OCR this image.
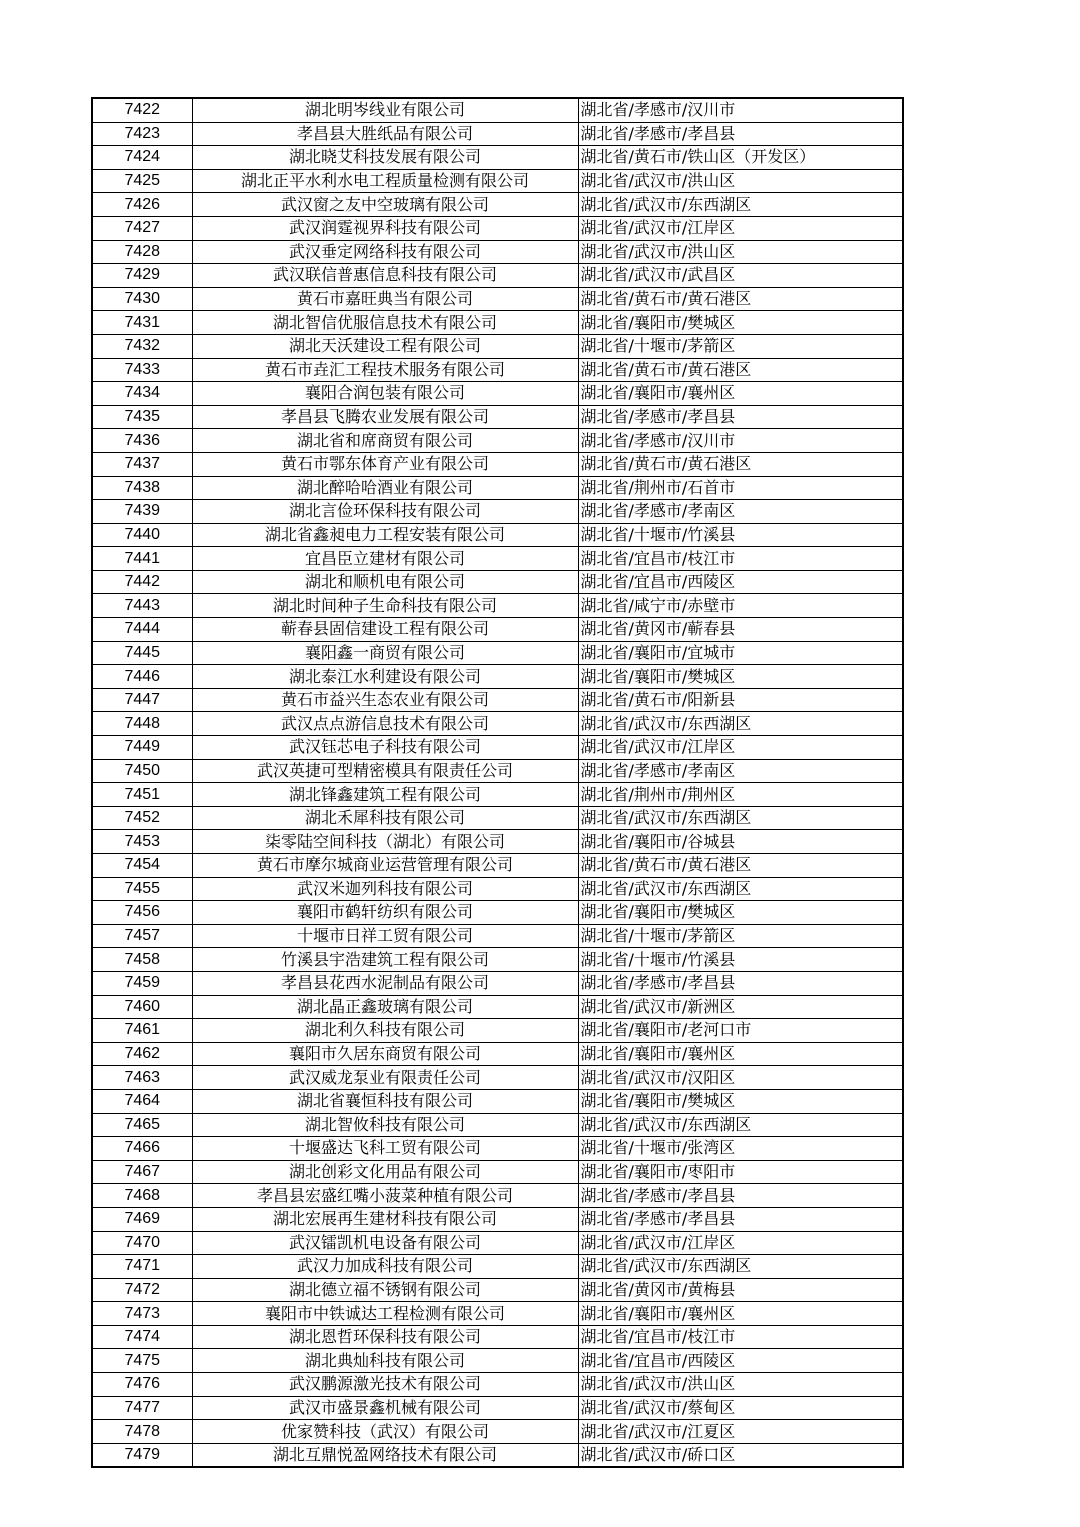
7422	湖北明岑线业有限公司	湖北省/孝感市/汉川市
7423	孝昌县大胜纸品有限公司	湖北省/孝感市/孝昌县
7424	湖北晓艾科技发展有限公司	湖北省/黄石市/铁山区（开发区）
7425	湖北正平水利水电工程质量检测有限公司	湖北省/武汉市/洪山区
7426	武汉窗之友中空玻璃有限公司	湖北省/武汉市/东西湖区
7427	武汉润霆视界科技有限公司	湖北省/武汉市/江岸区
7428	武汉垂定网络科技有限公司	湖北省/武汉市/洪山区
7429	武汉联信普惠信息科技有限公司	湖北省/武汉市/武昌区
7430	黄石市嘉旺典当有限公司	湖北省/黄石市/黄石港区
7431	湖北智信优服信息技术有限公司	湖北省/襄阳市/樊城区
7432	湖北天沃建设工程有限公司	湖北省/十堰市/茅箭区
7433	黄石市垚汇工程技术服务有限公司	湖北省/黄石市/黄石港区
7434	襄阳合润包装有限公司	湖北省/襄阳市/襄州区
7435	孝昌县飞腾农业发展有限公司	湖北省/孝感市/孝昌县
7436	湖北省和席商贸有限公司	湖北省/孝感市/汉川市
7437	黄石市鄂东体育产业有限公司	湖北省/黄石市/黄石港区
7438	湖北醉哈哈酒业有限公司	湖北省/荆州市/石首市
7439	湖北言俭环保科技有限公司	湖北省/孝感市/孝南区
7440	湖北省鑫昶电力工程安装有限公司	湖北省/十堰市/竹溪县
7441	宜昌臣立建材有限公司	湖北省/宜昌市/枝江市
7442	湖北和顺机电有限公司	湖北省/宜昌市/西陵区
7443	湖北时间种子生命科技有限公司	湖北省/咸宁市/赤壁市
7444	蕲春县固信建设工程有限公司	湖北省/黄冈市/蕲春县
7445	襄阳鑫一商贸有限公司	湖北省/襄阳市/宜城市
7446	湖北泰江水利建设有限公司	湖北省/襄阳市/樊城区
7447	黄石市益兴生态农业有限公司	湖北省/黄石市/阳新县
7448	武汉点点游信息技术有限公司	湖北省/武汉市/东西湖区
7449	武汉钰芯电子科技有限公司	湖北省/武汉市/江岸区
7450	武汉英捷可型精密模具有限责任公司	湖北省/孝感市/孝南区
7451	湖北锋鑫建筑工程有限公司	湖北省/荆州市/荆州区
7452	湖北禾犀科技有限公司	湖北省/武汉市/东西湖区
7453	柒零陆空间科技（湖北）有限公司	湖北省/襄阳市/谷城县
7454	黄石市摩尔城商业运营管理有限公司	湖北省/黄石市/黄石港区
7455	武汉米迦列科技有限公司	湖北省/武汉市/东西湖区
7456	襄阳市鹤轩纺织有限公司	湖北省/襄阳市/樊城区
7457	十堰市日祥工贸有限公司	湖北省/十堰市/茅箭区
7458	竹溪县宇浩建筑工程有限公司	湖北省/十堰市/竹溪县
7459	孝昌县花西水泥制品有限公司	湖北省/孝感市/孝昌县
7460	湖北晶正鑫玻璃有限公司	湖北省/武汉市/新洲区
7461	湖北利久科技有限公司	湖北省/襄阳市/老河口市
7462	襄阳市久居东商贸有限公司	湖北省/襄阳市/襄州区
7463	武汉威龙泵业有限责任公司	湖北省/武汉市/汉阳区
7464	湖北省襄恒科技有限公司	湖北省/襄阳市/樊城区
7465	湖北智攸科技有限公司	湖北省/武汉市/东西湖区
7466	十堰盛达飞科工贸有限公司	湖北省/十堰市/张湾区
7467	湖北创彩文化用品有限公司	湖北省/襄阳市/枣阳市
7468	孝昌县宏盛红嘴小菠菜种植有限公司	湖北省/孝感市/孝昌县
7469	湖北宏展再生建材科技有限公司	湖北省/孝感市/孝昌县
7470	武汉镭凯机电设备有限公司	湖北省/武汉市/江岸区
7471	武汉力加成科技有限公司	湖北省/武汉市/东西湖区
7472	湖北德立福不锈钢有限公司	湖北省/黄冈市/黄梅县
7473	襄阳市中铁诚达工程检测有限公司	湖北省/襄阳市/襄州区
7474	湖北恩哲环保科技有限公司	湖北省/宜昌市/枝江市
7475	湖北典灿科技有限公司	湖北省/宜昌市/西陵区
7476	武汉鹏源激光技术有限公司	湖北省/武汉市/洪山区
7477	武汉市盛景鑫机械有限公司	湖北省/武汉市/蔡甸区
7478	优家赞科技（武汉）有限公司	湖北省/武汉市/江夏区
7479	湖北互鼎悦盈网络技术有限公司	湖北省/武汉市/硚口区
